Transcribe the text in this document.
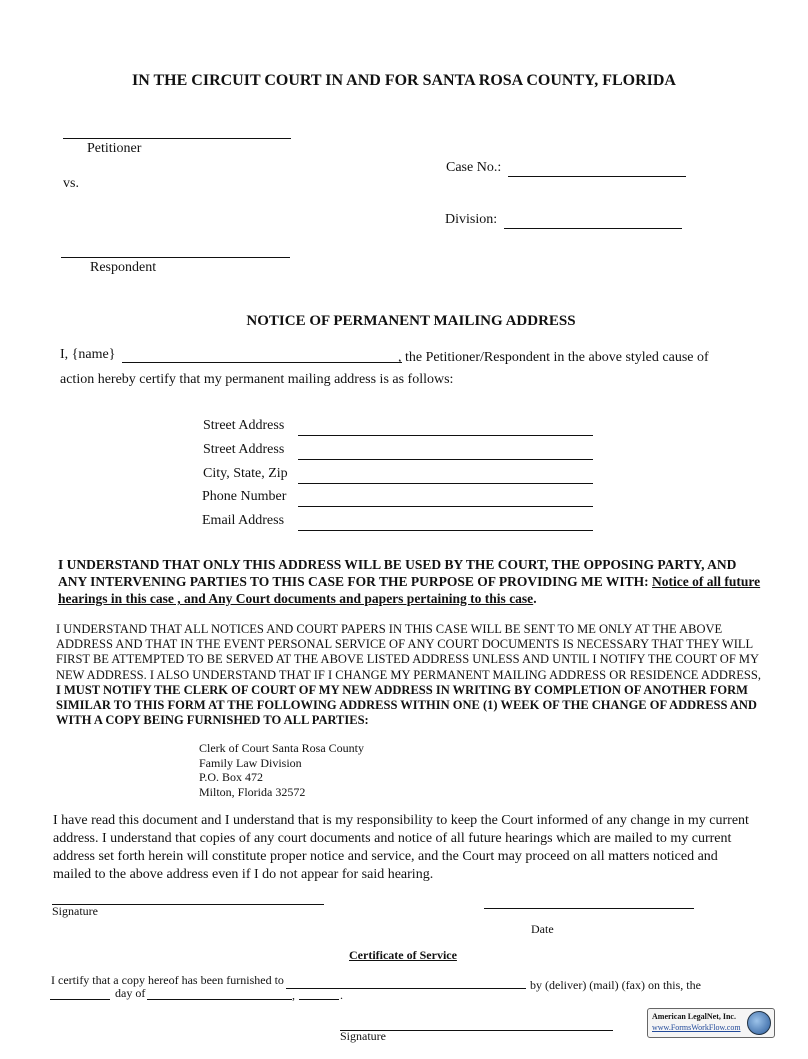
IN THE CIRCUIT COURT IN AND FOR SANTA ROSA COUNTY, FLORIDA
Petitioner
vs.
Respondent
Case No.:
Division:
NOTICE OF PERMANENT MAILING ADDRESS
I, {name}	, the Petitioner/Respondent in the above styled cause of
action hereby certify that my permanent mailing address is as follows:
Street Address
Street Address
City, State, Zip
Phone Number
Email Address
I UNDERSTAND THAT ONLY THIS ADDRESS WILL BE USED BY THE COURT, THE OPPOSING PARTY, AND ANY INTERVENING PARTIES TO THIS CASE FOR THE PURPOSE OF PROVIDING ME WITH: Notice of all future hearings in this case , and Any Court documents and papers pertaining to this case.
I UNDERSTAND THAT ALL NOTICES AND COURT PAPERS IN THIS CASE WILL BE SENT TO ME ONLY AT THE ABOVE ADDRESS AND THAT IN THE EVENT PERSONAL SERVICE OF ANY COURT DOCUMENTS IS NECESSARY THAT THEY WILL FIRST BE ATTEMPTED TO BE SERVED AT THE ABOVE LISTED ADDRESS UNLESS AND UNTIL I NOTIFY THE COURT OF MY NEW ADDRESS. I ALSO UNDERSTAND THAT IF I CHANGE MY PERMANENT MAILING ADDRESS OR RESIDENCE ADDRESS, I MUST NOTIFY THE CLERK OF COURT OF MY NEW ADDRESS IN WRITING BY COMPLETION OF ANOTHER FORM SIMILAR TO THIS FORM AT THE FOLLOWING ADDRESS WITHIN ONE (1) WEEK OF THE CHANGE OF ADDRESS AND WITH A COPY BEING FURNISHED TO ALL PARTIES:
Clerk of Court Santa Rosa County
Family Law Division
P.O. Box 472
Milton, Florida 32572
I have read this document and I understand that is my responsibility to keep the Court informed of any change in my current address. I understand that copies of any court documents and notice of all future hearings which are mailed to my current address set forth herein will constitute proper notice and service, and the Court may proceed on all matters noticed and mailed to the above address even if I do not appear for said hearing.
Signature
Date
Certificate of Service
I certify that a copy hereof has been furnished to	by (deliver) (mail) (fax) on this, the
day of	,	.
Signature
American LegalNet, Inc.
www.FormsWorkFlow.com
